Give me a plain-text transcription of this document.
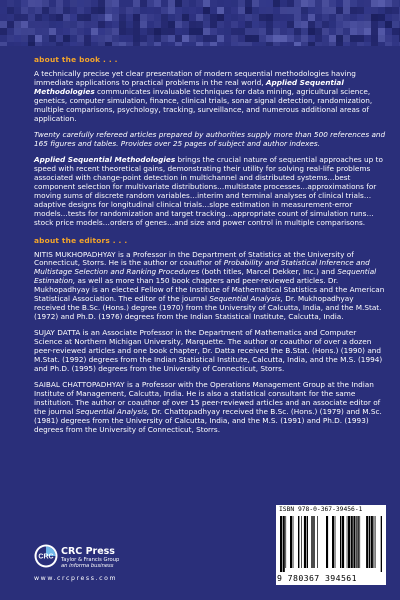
about the book . . .

A technically precise yet clear presentation of modern sequential methodologies having immediate applications to practical problems in the real world, Applied Sequential Methodologies communicates invaluable techniques for data mining, agricultural science, genetics, computer simulation, finance, clinical trials, sonar signal detection, randomization, multiple comparisons, psychology, tracking, surveillance, and numerous additional areas of application.

Twenty carefully refereed articles prepared by authorities supply more than 500 references and 165 figures and tables. Provides over 25 pages of subject and author indexes.

Applied Sequential Methodologies brings the crucial nature of sequential approaches up to speed with recent theoretical gains, demonstrating their utility for solving real-life problems associated with change-point detection in multichannel and distributed systems…best component selection for multivariate distributions…multistate processes…approximations for moving sums of discrete random variables…interim and terminal analyses of clinical trials…adaptive designs for longitudinal clinical trials…slope estimation in measurement-error models…tests for randomization and target tracking…appropriate count of simulation runs…stock price models…orders of genes…and size and power control in multiple comparisons.

about the editors . . .

NITIS MUKHOPADHYAY is a Professor in the Department of Statistics at the University of Connecticut, Storrs. He is the author or coauthor of Probability and Statistical Inference and Multistage Selection and Ranking Procedures (both titles, Marcel Dekker, Inc.) and Sequential Estimation, as well as more than 150 book chapters and peer-reviewed articles. Dr. Mukhopadhyay is an elected Fellow of the Institute of Mathematical Statistics and the American Statistical Association. The editor of the journal Sequential Analysis, Dr. Mukhopadhyay received the B.Sc. (Hons.) degree (1970) from the University of Calcutta, India, and the M.Stat. (1972) and Ph.D. (1976) degrees from the Indian Statistical Institute, Calcutta, India.

SUJAY DATTA is an Associate Professor in the Department of Mathematics and Computer Science at Northern Michigan University, Marquette. The author or coauthor of over a dozen peer-reviewed articles and one book chapter, Dr. Datta received the B.Stat. (Hons.) (1990) and M.Stat. (1992) degrees from the Indian Statistical Institute, Calcutta, India, and the M.S. (1994) and Ph.D. (1995) degrees from the University of Connecticut, Storrs.

SAIBAL CHATTOPADHYAY is a Professor with the Operations Management Group at the Indian Institute of Management, Calcutta, India. He is also a statistical consultant for the same institution. The author or coauthor of over 15 peer-reviewed articles and an associate editor of the journal Sequential Analysis, Dr. Chattopadhyay received the B.Sc. (Hons.) (1979) and M.Sc. (1981) degrees from the University of Calcutta, India, and the M.S. (1991) and Ph.D. (1993) degrees from the University of Connecticut, Storrs.

CRC
CRC Press
Taylor & Francis Group
an informa business
www.crcpress.com
ISBN 978-0-367-39456-1
9 780367 394561
